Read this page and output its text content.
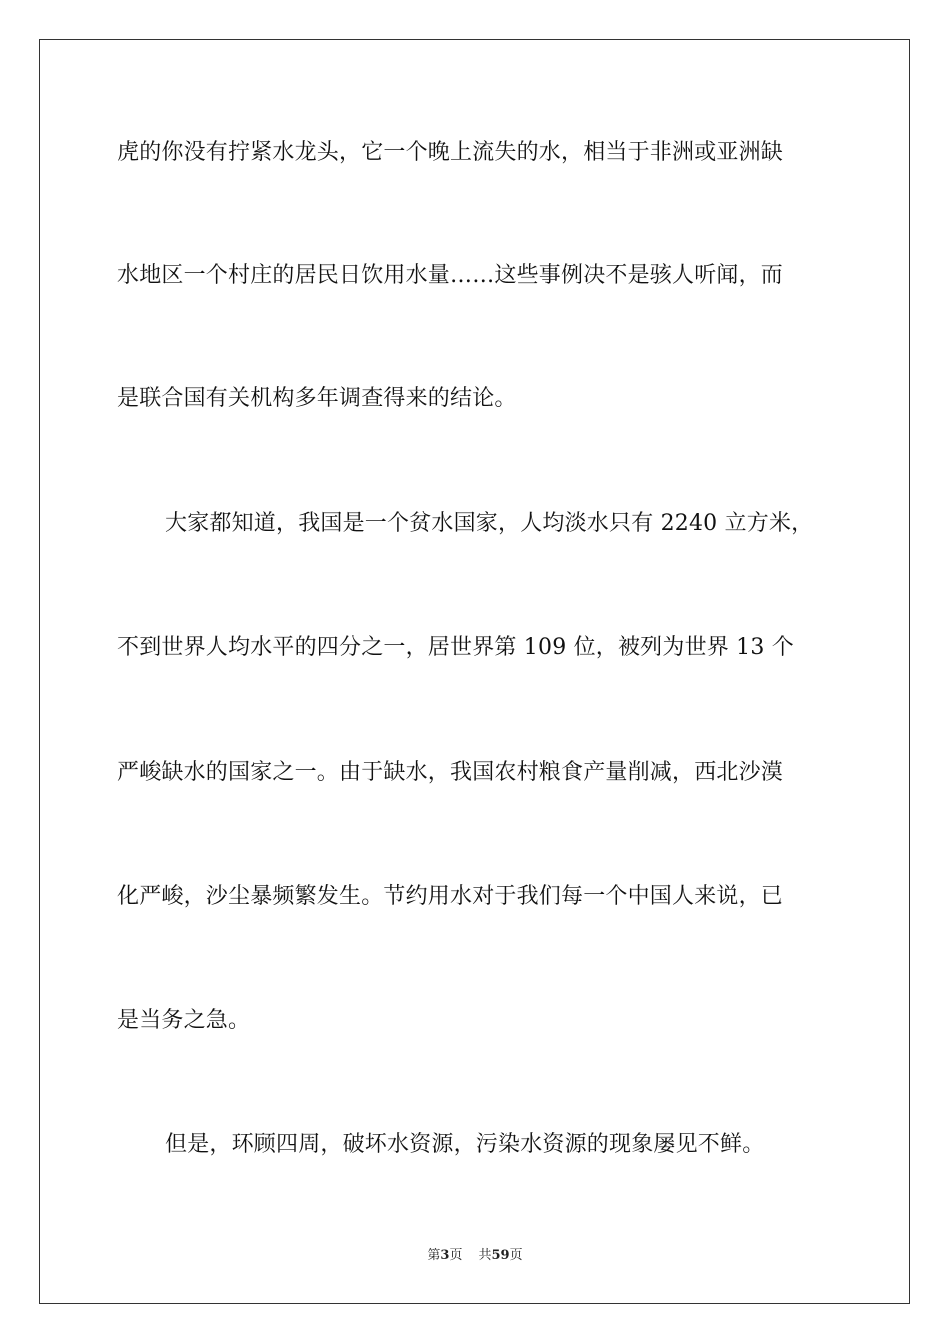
虎的你没有拧紧水龙头，它一个晚上流失的水，相当于非洲或亚洲缺
水地区一个村庄的居民日饮用水量……这些事例决不是骇人听闻，而
是联合国有关机构多年调查得来的结论。
大家都知道，我国是一个贫水国家，人均淡水只有 2240 立方米，
不到世界人均水平的四分之一，居世界第 109 位，被列为世界 13 个
严峻缺水的国家之一。由于缺水，我国农村粮食产量削减，西北沙漠
化严峻，沙尘暴频繁发生。节约用水对于我们每一个中国人来说，已
是当务之急。
但是，环顾四周，破坏水资源，污染水资源的现象屡见不鲜。
第3页 共59页
